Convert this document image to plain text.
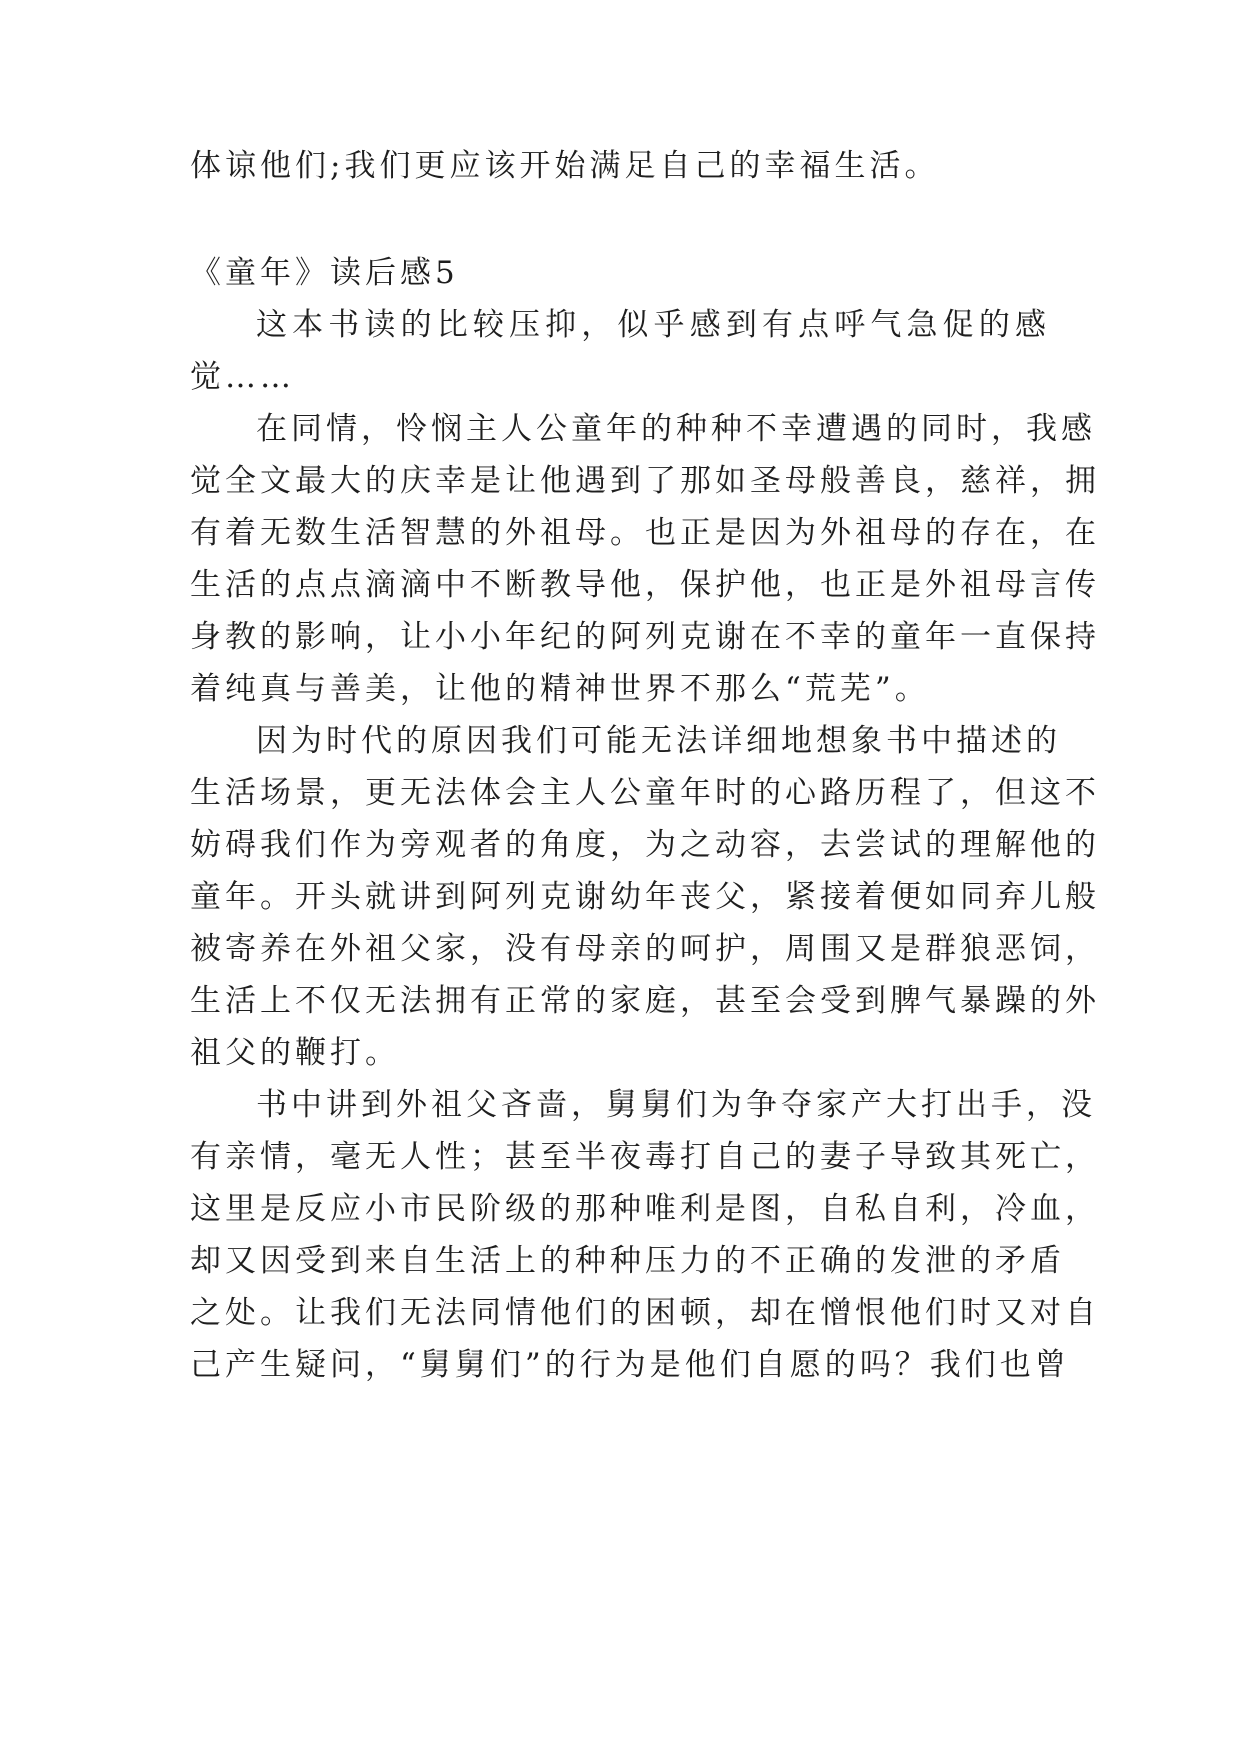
体谅他们;我们更应该开始满足自己的幸福生活。
《童年》读后感5
这 本 书 读 的 比 较 压 抑 ， 似 乎 感 到 有 点 呼 气 急 促 的 感
觉……
在 同 情 ， 怜 悯 主 人 公 童 年 的 种 种 不 幸 遭 遇 的 同 时 ， 我 感
觉 全 文 最 大 的 庆 幸 是 让 他 遇 到 了 那 如 圣 母 般 善 良 ， 慈 祥 ， 拥
有 着 无 数 生 活 智 慧 的 外 祖 母 。 也 正 是 因 为 外 祖 母 的 存 在 ， 在
生 活 的 点 点 滴 滴 中 不 断 教 导 他 ， 保 护 他 ， 也 正 是 外 祖 母 言 传
身 教 的 影 响 ， 让 小 小 年 纪 的 阿 列 克 谢 在 不 幸 的 童 年 一 直 保 持
着纯真与善美，让他的精神世界不那么“荒芜”。
因 为 时 代 的 原 因 我 们 可 能 无 法 详 细 地 想 象 书 中 描 述 的
生 活 场 景 ， 更 无 法 体 会 主 人 公 童 年 时 的 心 路 历 程 了 ， 但 这 不
妨 碍 我 们 作 为 旁 观 者 的 角 度 ， 为 之 动 容 ， 去 尝 试 的 理 解 他 的
童 年 。 开 头 就 讲 到 阿 列 克 谢 幼 年 丧 父 ， 紧 接 着 便 如 同 弃 儿 般
被 寄 养 在 外 祖 父 家 ， 没 有 母 亲 的 呵 护 ， 周 围 又 是 群 狼 恶 饲 ，
生 活 上 不 仅 无 法 拥 有 正 常 的 家 庭 ， 甚 至 会 受 到 脾 气 暴 躁 的 外
祖父的鞭打。
书 中 讲 到 外 祖 父 吝 啬 ， 舅 舅 们 为 争 夺 家 产 大 打 出 手 ， 没
有 亲 情 ， 毫 无 人 性 ； 甚 至 半 夜 毒 打 自 己 的 妻 子 导 致 其 死 亡 ，
这 里 是 反 应 小 市 民 阶 级 的 那 种 唯 利 是 图 ， 自 私 自 利 ， 冷 血 ，
却 又 因 受 到 来 自 生 活 上 的 种 种 压 力 的 不 正 确 的 发 泄 的 矛 盾
之 处 。 让 我 们 无 法 同 情 他 们 的 困 顿 ， 却 在 憎 恨 他 们 时 又 对 自
己 产 生 疑 问 ， “ 舅 舅 们 ” 的 行 为 是 他 们 自 愿 的 吗 ？ 我 们 也 曾
